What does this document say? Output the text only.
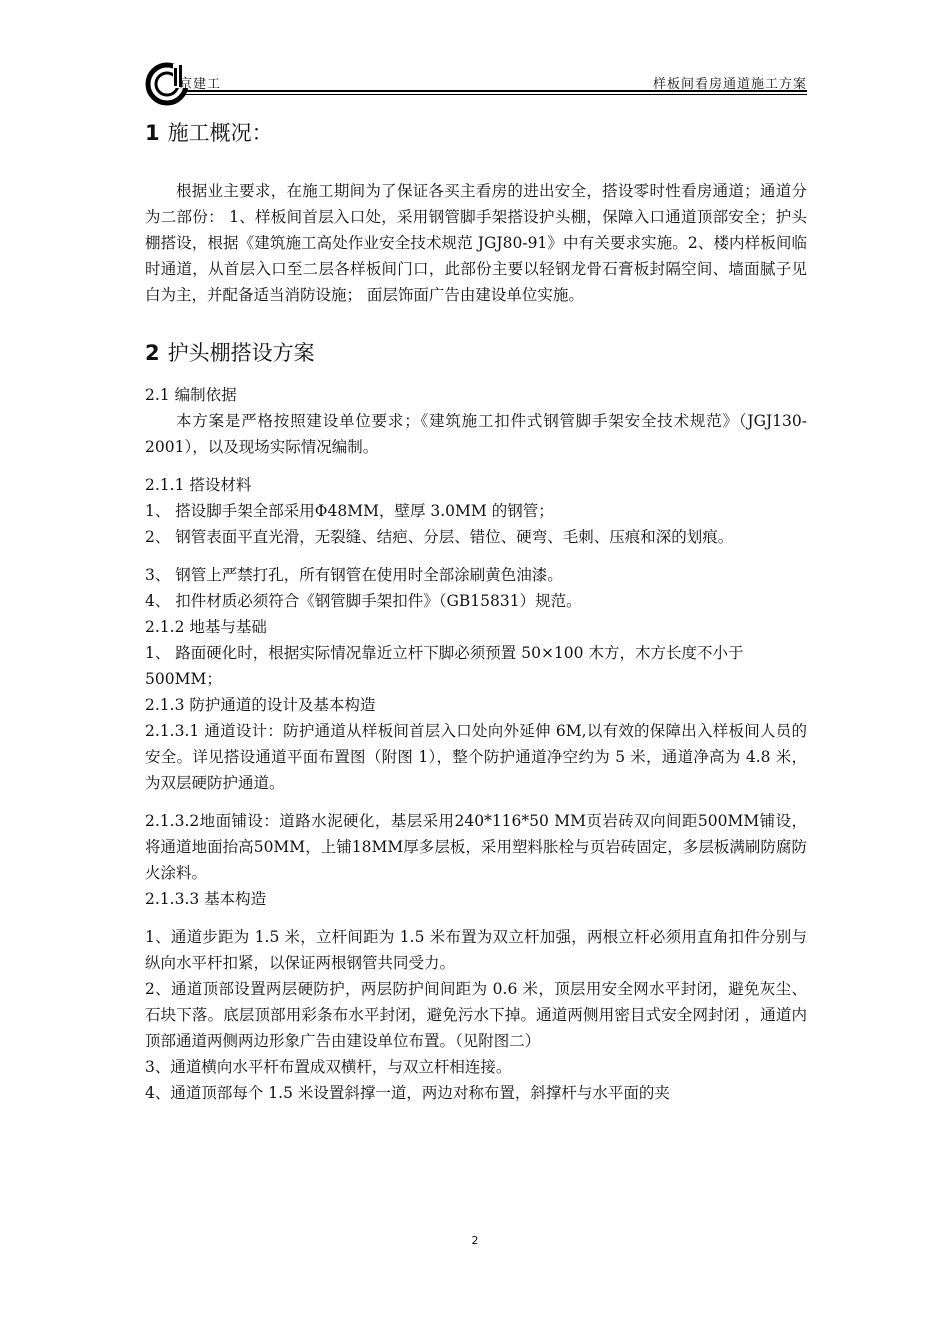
京建工	样板间看房通道施工方案
1 施工概况：

根据业主要求，在施工期间为了保证各买主看房的进出安全，搭设零时性看房通道；通道分为二部份： 1、样板间首层入口处，采用钢管脚手架搭设护头棚，保障入口通道顶部安全；护头棚搭设，根据《建筑施工高处作业安全技术规范 JGJ80-91》中有关要求实施。2、楼内样板间临时通道，从首层入口至二层各样板间门口，此部份主要以轻钢龙骨石膏板封隔空间、墙面腻子见白为主，并配备适当消防设施； 面层饰面广告由建设单位实施。

2 护头棚搭设方案

2.1 编制依据

本方案是严格按照建设单位要求；《建筑施工扣件式钢管脚手架安全技术规范》（JGJ130-2001），以及现场实际情况编制。

2.1.1 搭设材料

1、 搭设脚手架全部采用Φ48MM，壁厚 3.0MM 的钢管；

2、 钢管表面平直光滑，无裂缝、结疤、分层、错位、硬弯、毛刺、压痕和深的划痕。

3、 钢管上严禁打孔，所有钢管在使用时全部涂刷黄色油漆。

4、 扣件材质必须符合《钢管脚手架扣件》（GB15831）规范。

2.1.2 地基与基础

1、 路面硬化时，根据实际情况靠近立杆下脚必须预置 50×100 木方，木方长度不小于 500MM；

2.1.3 防护通道的设计及基本构造

2.1.3.1 通道设计：防护通道从样板间首层入口处向外延伸 6M,以有效的保障出入样板间人员的安全。详见搭设通道平面布置图（附图 1），整个防护通道净空约为 5 米，通道净高为 4.8 米，为双层硬防护通道。

2.1.3.2地面铺设：道路水泥硬化，基层采用240*116*50 MM页岩砖双向间距500MM铺设，将通道地面抬高50MM，上铺18MM厚多层板，采用塑料胀栓与页岩砖固定，多层板满刷防腐防火涂料。

2.1.3.3 基本构造

1、通道步距为 1.5 米，立杆间距为 1.5 米布置为双立杆加强，两根立杆必须用直角扣件分别与纵向水平杆扣紧，以保证两根钢管共同受力。

2、通道顶部设置两层硬防护，两层防护间间距为 0.6 米，顶层用安全网水平封闭，避免灰尘、石块下落。底层顶部用彩条布水平封闭，避免污水下掉。通道两侧用密目式安全网封闭 ，通道内顶部通道两侧两边形象广告由建设单位布置。（见附图二）

3、通道横向水平杆布置成双横杆，与双立杆相连接。

4、通道顶部每个 1.5 米设置斜撑一道，两边对称布置，斜撑杆与水平面的夹

2
